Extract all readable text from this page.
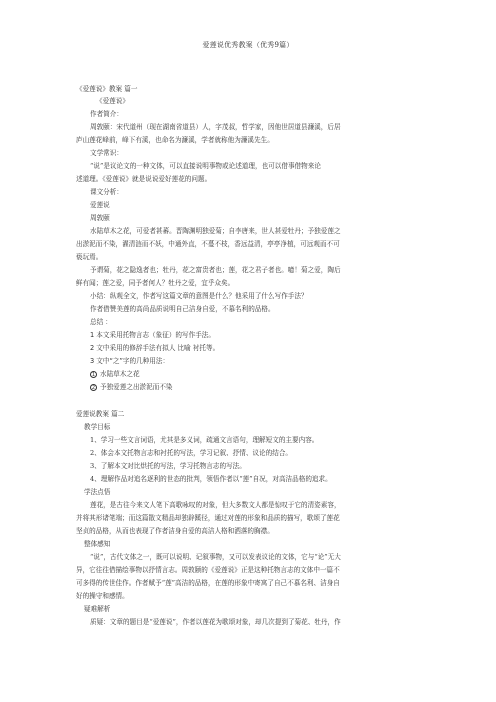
爱莲说优秀教案（优秀9篇）
《爱莲说》教案 篇一
《爱莲说》
作者简介：
周敦颐：宋代道州（现在湖南省道县）人，字茂叔，哲学家，因他世居道县濂溪，后居
庐山莲花峰前，峰下有溪，也命名为濂溪，学者就称他为濂溪先生。
文学常识：
“说”是议论文的一种文体，可以直接说明事物或论述道理，也可以借事借物来论
述道理。《爱莲说》就是说说爱好莲花的问题。
课文分析：
爱莲说
周敦颐
水陆草木之花，可爱者甚蕃。晋陶渊明独爱菊；自李唐来，世人甚爱牡丹；予独爱莲之
出淤泥而不染，濯清涟而不妖，中通外直，不蔓不枝，香远益清，亭亭净植，可远观而不可
亵玩焉。
予谓菊，花之隐逸者也；牡丹，花之富贵者也；莲，花之君子者也。噫！菊之爱，陶后
鲜有闻；莲之爱，同予者何人？牡丹之爱，宜乎众矣。
小结：纵观全文，作者写这篇文章的意图是什么？他采用了什么写作手法？
作者借赞美莲的高尚品质说明自己洁身自爱，不慕名利的品格。
总结 ：
1 本文采用托物言志（象征）的写作手法。
2 文中采用的修辞手法有拟人 比喻 衬托等。
3 文中“之”字的几种用法：
1 水陆草木之花
2 予独爱莲之出淤泥而不染
爱莲说教案 篇二
教学目标
1、学习一些文言词语，尤其是多义词，疏通文言语句，理解短文的主要内容。
2、体会本文托物言志和衬托的写法，学习记叙、抒情、议论的结合。
3、了解本文对比烘托的写法，学习托物言志的写法。
4、理解作品对追名逐利的世态的批判，领悟作者以“莲”自况，对高洁品格的追求。
学法点悟
莲花，是古往今来文人笔下高歌咏叹的对象，但大多数文人都是惊叹于它的清姿素容，
并将其形诸笔端；而这篇散文精品却独辟蹊径，通过对莲的形象和品质的描写，歌颂了莲花
坚贞的品格，从而也表现了作者洁身自爱的高洁人格和洒落的胸襟。
整体感知
“说”，古代文体之一，既可以说明、记叙事物，又可以发表议论的文体，它与“论”无大
异，它往往借描绘事物以抒情言志。周敦颐的《爱莲说》正是这种托物言志的文体中一篇不
可多得的传世佳作。作者赋予“莲”高洁的品格，在莲的形象中寄寓了自己不慕名利、洁身自
好的操守和感情。
疑难解析
质疑：文章的题目是“爱莲说”，作者以莲花为歌颂对象，却几次提到了菊花、牡丹，作
